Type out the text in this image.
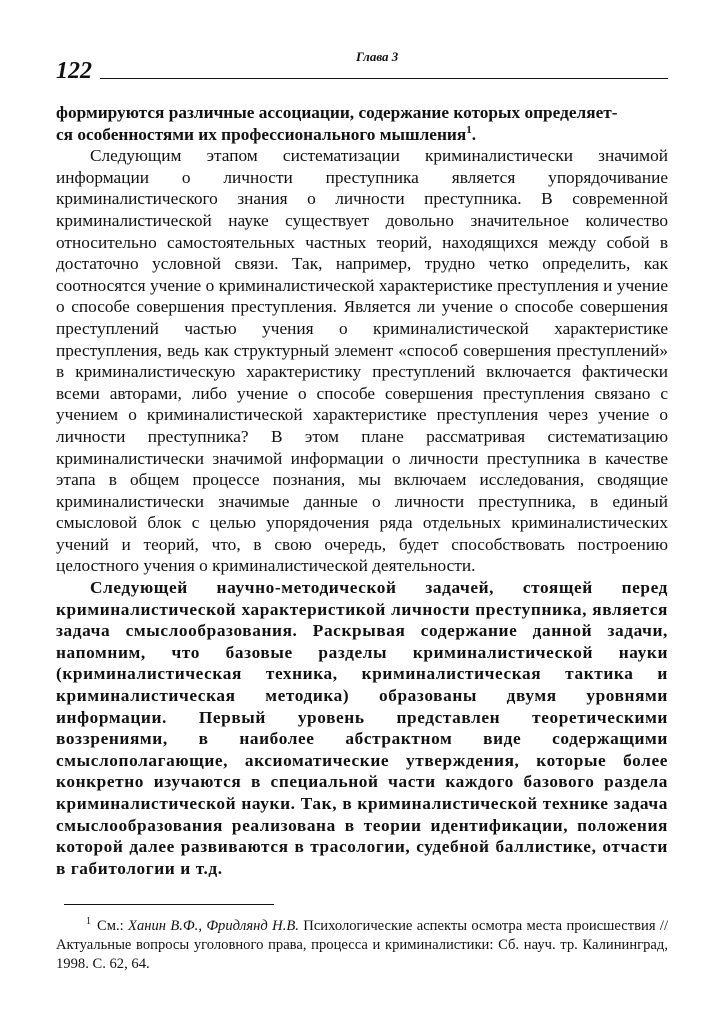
122
Глава 3

формируются различные ассоциации, содержание которых определяет-
ся особенностями их профессионального мышления$^1$.

Следующим этапом систематизации криминалистически значимой информации о личности преступника является упорядочивание криминалистического знания о личности преступника. В современной криминалистической науке существует довольно значительное количество относительно самостоятельных частных теорий, находящихся между собой в достаточно условной связи. Так, например, трудно четко определить, как соотносятся учение о криминалистической характеристике преступления и учение о способе совершения преступления. Является ли учение о способе совершения преступлений частью учения о криминалистической характеристике преступления, ведь как структурный элемент «способ совершения преступлений» в криминалистическую характеристику преступлений включается фактически всеми авторами, либо учение о способе совершения преступления связано с учением о криминалистической характеристике преступления через учение о личности преступника? В этом плане рассматривая систематизацию криминалистически значимой информации о личности преступника в качестве этапа в общем процессе познания, мы включаем исследования, сводящие криминалистически значимые данные о личности преступника, в единый смысловой блок с целью упорядочения ряда отдельных криминалистических учений и теорий, что, в свою очередь, будет способствовать построению целостного учения о криминалистической деятельности.

Следующей научно-методической задачей, стоящей перед криминалистической характеристикой личности преступника, является задача смыслообразования. Раскрывая содержание данной задачи, напомним, что базовые разделы криминалистической науки (криминалистическая техника, криминалистическая тактика и криминалистическая методика) образованы двумя уровнями информации. Первый уровень представлен теоретическими воззрениями, в наиболее абстрактном виде содержащими смыслополагающие, аксиоматические утверждения, которые более конкретно изучаются в специальной части каждого базового раздела криминалистической науки. Так, в криминалистической технике задача смыслообразования реализована в теории идентификации, положения которой далее развиваются в трасологии, судебной баллистике, отчасти в габитологии и т.д.

$^1$ См.: Ханин В.Ф., Фридлянд Н.В. Психологические аспекты осмотра места происшествия // Актуальные вопросы уголовного права, процесса и криминалистики: Сб. науч. тр. Калининград, 1998. С. 62, 64.
